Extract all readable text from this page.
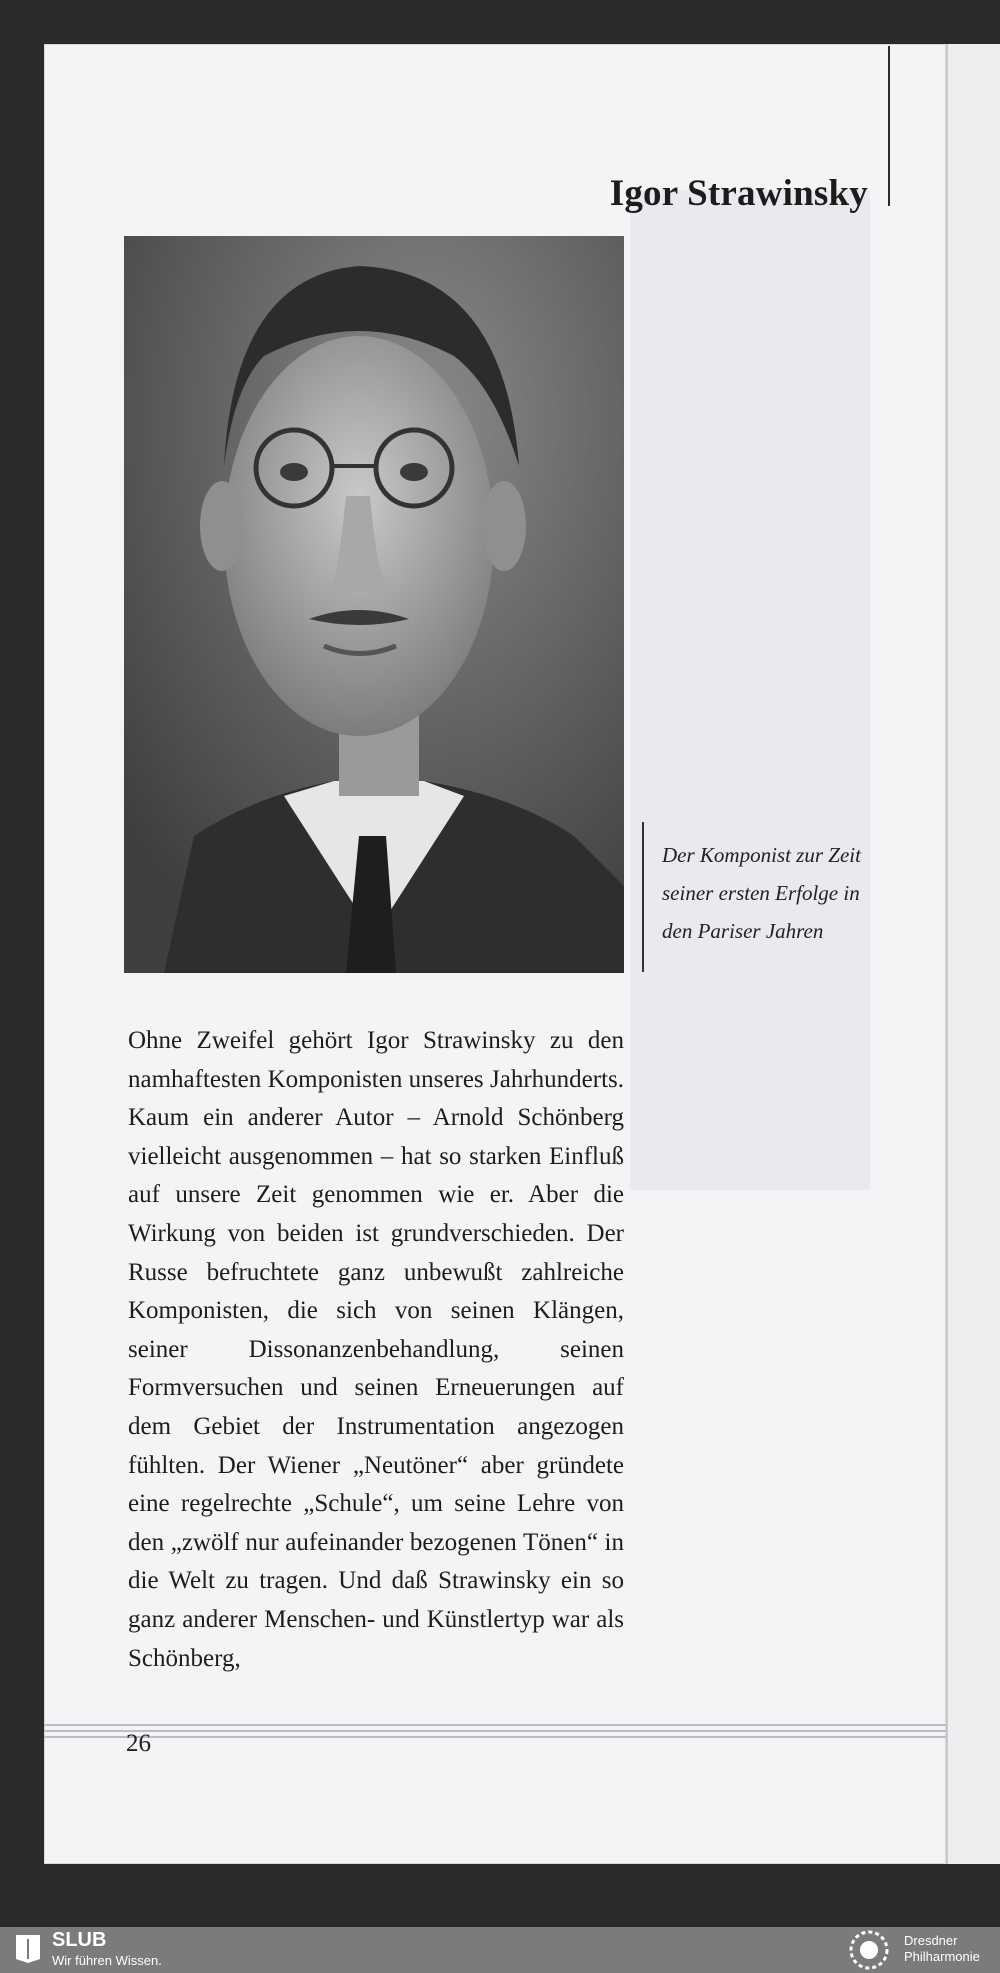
Igor Strawinsky
Der Komponist zur Zeit seiner ersten Erfolge in den Pariser Jahren
Ohne Zweifel gehört Igor Strawinsky zu den namhaftesten Komponisten unseres Jahrhunderts. Kaum ein anderer Autor – Arnold Schönberg vielleicht ausgenommen – hat so starken Einfluß auf unsere Zeit genommen wie er. Aber die Wirkung von beiden ist grundverschieden. Der Russe befruchtete ganz unbewußt zahlreiche Komponisten, die sich von seinen Klängen, seiner Dissonanzenbehandlung, seinen Formversuchen und seinen Erneuerungen auf dem Gebiet der Instrumentation angezogen fühlten. Der Wiener „Neutöner“ aber gründete eine regelrechte „Schule“, um seine Lehre von den „zwölf nur aufeinander bezogenen Tönen“ in die Welt zu tragen. Und daß Strawinsky ein so ganz anderer Menschen- und Künstlertyp war als Schönberg,
26
SLUB
Wir führen Wissen.
Dresdner
Philharmonie
